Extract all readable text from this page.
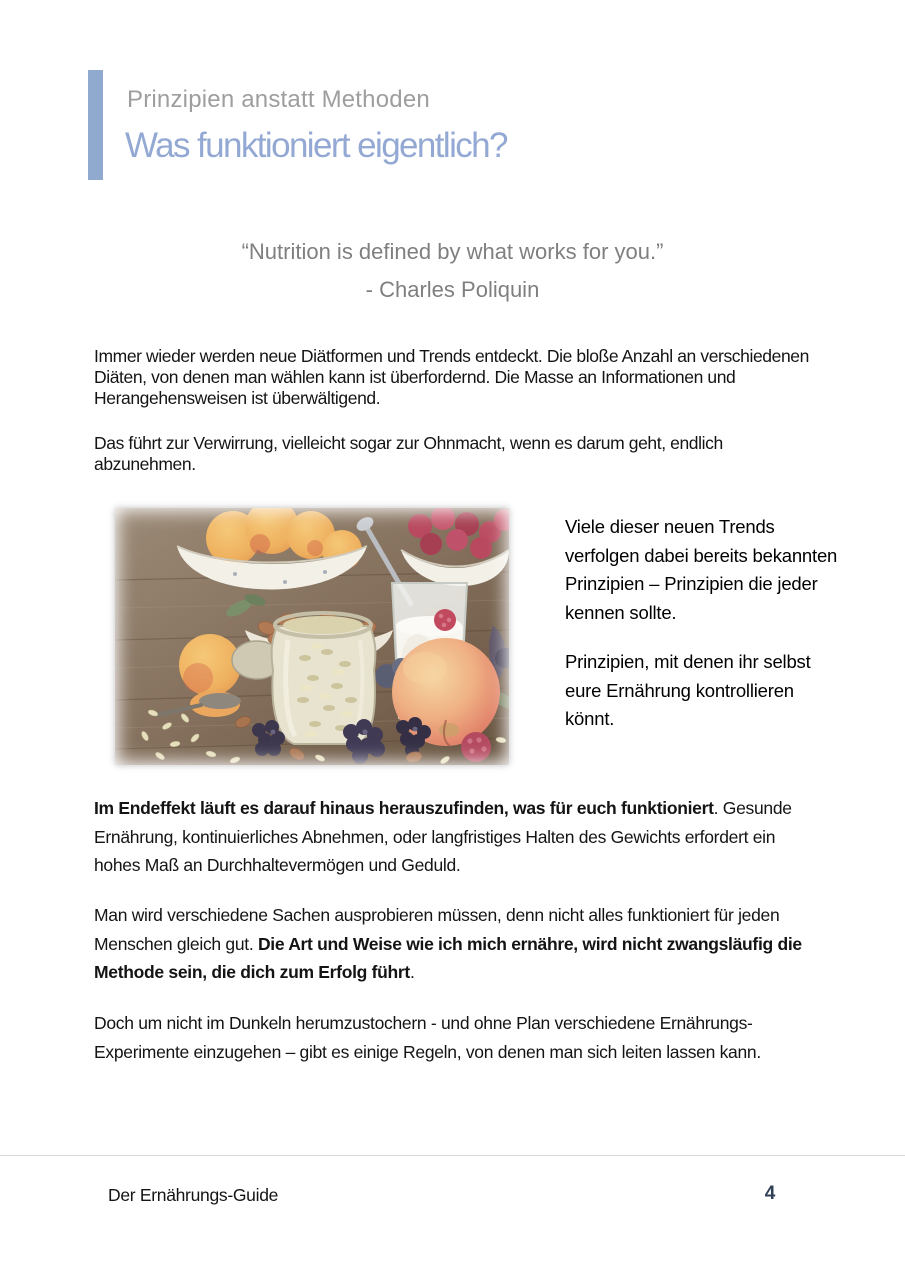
Prinzipien anstatt Methoden
Was funktioniert eigentlich?
“Nutrition is defined by what works for you.”
- Charles Poliquin
Immer wieder werden neue Diätformen und Trends entdeckt. Die bloße Anzahl an verschiedenen Diäten, von denen man wählen kann ist überfordernd. Die Masse an Informationen und Herangehensweisen ist überwältigend.
Das führt zur Verwirrung, vielleicht sogar zur Ohnmacht, wenn es darum geht, endlich abzunehmen.
Viele dieser neuen Trends verfolgen dabei bereits bekannten Prinzipien – Prinzipien die jeder kennen sollte.
Prinzipien, mit denen ihr selbst eure Ernährung kontrollieren könnt.
Im Endeffekt läuft es darauf hinaus herauszufinden, was für euch funktioniert. Gesunde Ernährung, kontinuierliches Abnehmen, oder langfristiges Halten des Gewichts erfordert ein hohes Maß an Durchhaltevermögen und Geduld.
Man wird verschiedene Sachen ausprobieren müssen, denn nicht alles funktioniert für jeden Menschen gleich gut. Die Art und Weise wie ich mich ernähre, wird nicht zwangsläufig die Methode sein, die dich zum Erfolg führt.
Doch um nicht im Dunkeln herumzustochern - und ohne Plan verschiedene Ernährungs-Experimente einzugehen – gibt es einige Regeln, von denen man sich leiten lassen kann.
Der Ernährungs-Guide	4
